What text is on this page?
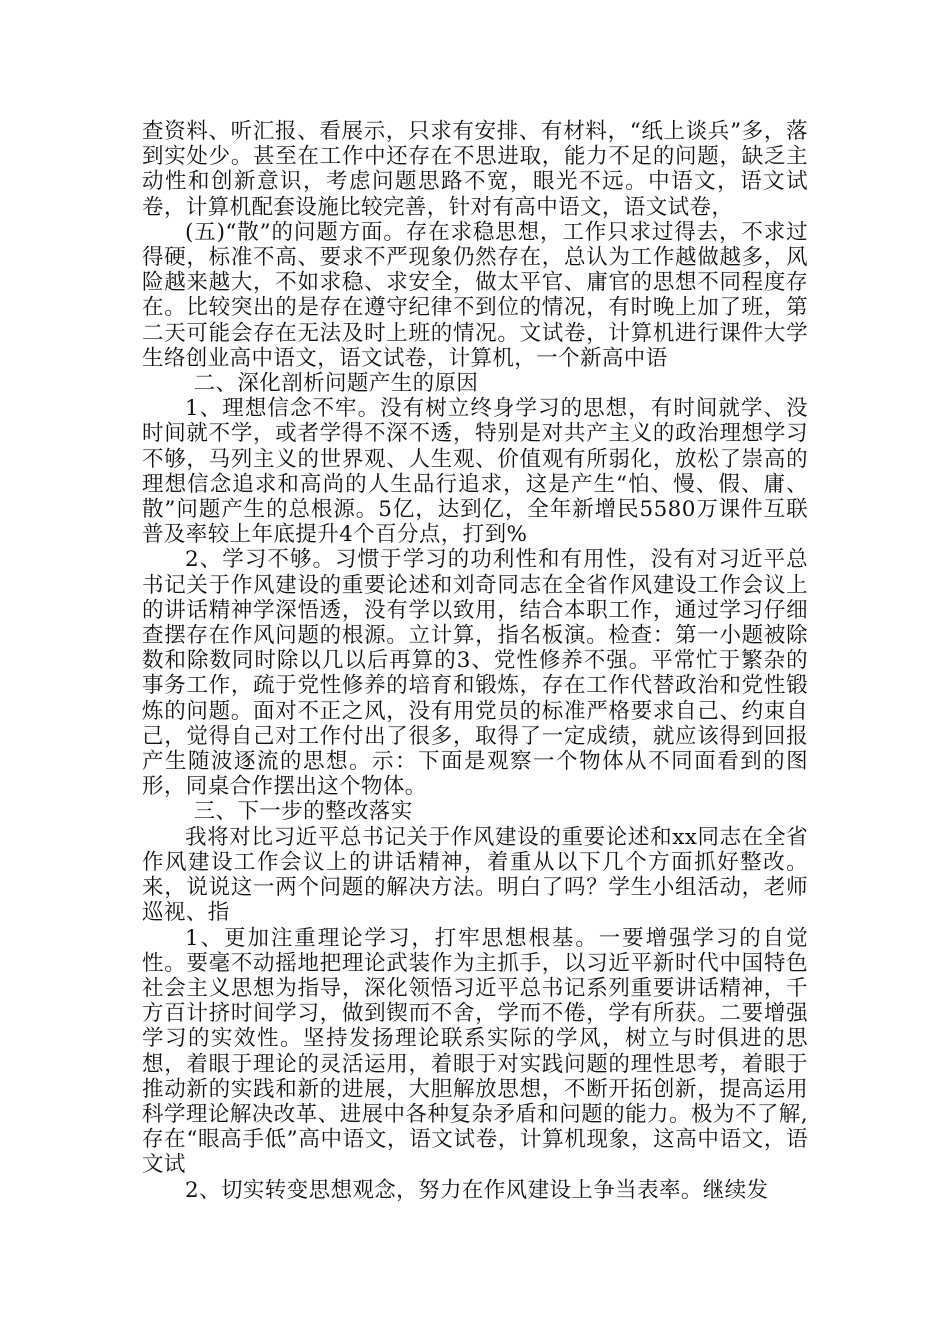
查资料、听汇报、看展示，只求有安排、有材料，“纸上谈兵”多，落到实处少。甚至在工作中还存在不思进取，能力不足的问题，缺乏主动性和创新意识，考虑问题思路不宽，眼光不远。中语文，语文试卷，计算机配套设施比较完善，针对有高中语文，语文试卷，

(五)“散”的问题方面。存在求稳思想，工作只求过得去，不求过得硬，标准不高、要求不严现象仍然存在，总认为工作越做越多，风险越来越大，不如求稳、求安全，做太平官、庸官的思想不同程度存在。比较突出的是存在遵守纪律不到位的情况，有时晚上加了班，第二天可能会存在无法及时上班的情况。文试卷，计算机进行课件大学生络创业高中语文，语文试卷，计算机，一个新高中语

二、深化剖析问题产生的原因

1、理想信念不牢。没有树立终身学习的思想，有时间就学、没时间就不学，或者学得不深不透，特别是对共产主义的政治理想学习不够，马列主义的世界观、人生观、价值观有所弱化，放松了崇高的理想信念追求和高尚的人生品行追求，这是产生“怕、慢、假、庸、散”问题产生的总根源。5亿，达到亿，全年新增民5580万课件互联普及率较上年底提升4个百分点，打到%

2、学习不够。习惯于学习的功利性和有用性，没有对习近平总书记关于作风建设的重要论述和刘奇同志在全省作风建设工作会议上的讲话精神学深悟透，没有学以致用，结合本职工作，通过学习仔细查摆存在作风问题的根源。立计算，指名板演。检查：第一小题被除数和除数同时除以几以后再算的3、党性修养不强。平常忙于繁杂的事务工作，疏于党性修养的培育和锻炼，存在工作代替政治和党性锻炼的问题。面对不正之风，没有用党员的标准严格要求自己、约束自己，觉得自己对工作付出了很多，取得了一定成绩，就应该得到回报产生随波逐流的思想。示：下面是观察一个物体从不同面看到的图形，同桌合作摆出这个物体。

三、下一步的整改落实

我将对比习近平总书记关于作风建设的重要论述和xx同志在全省作风建设工作会议上的讲话精神，着重从以下几个方面抓好整改。来，说说这一两个问题的解决方法。明白了吗？学生小组活动，老师巡视、指

1、更加注重理论学习，打牢思想根基。一要增强学习的自觉性。要毫不动摇地把理论武装作为主抓手，以习近平新时代中国特色社会主义思想为指导，深化领悟习近平总书记系列重要讲话精神，千方百计挤时间学习，做到锲而不舍，学而不倦，学有所获。二要增强学习的实效性。坚持发扬理论联系实际的学风，树立与时俱进的思想，着眼于理论的灵活运用，着眼于对实践问题的理性思考，着眼于推动新的实践和新的进展，大胆解放思想，不断开拓创新，提高运用科学理论解决改革、进展中各种复杂矛盾和问题的能力。极为不了解,存在“眼高手低”高中语文，语文试卷，计算机现象，这高中语文，语文试

2、切实转变思想观念，努力在作风建设上争当表率。继续发
